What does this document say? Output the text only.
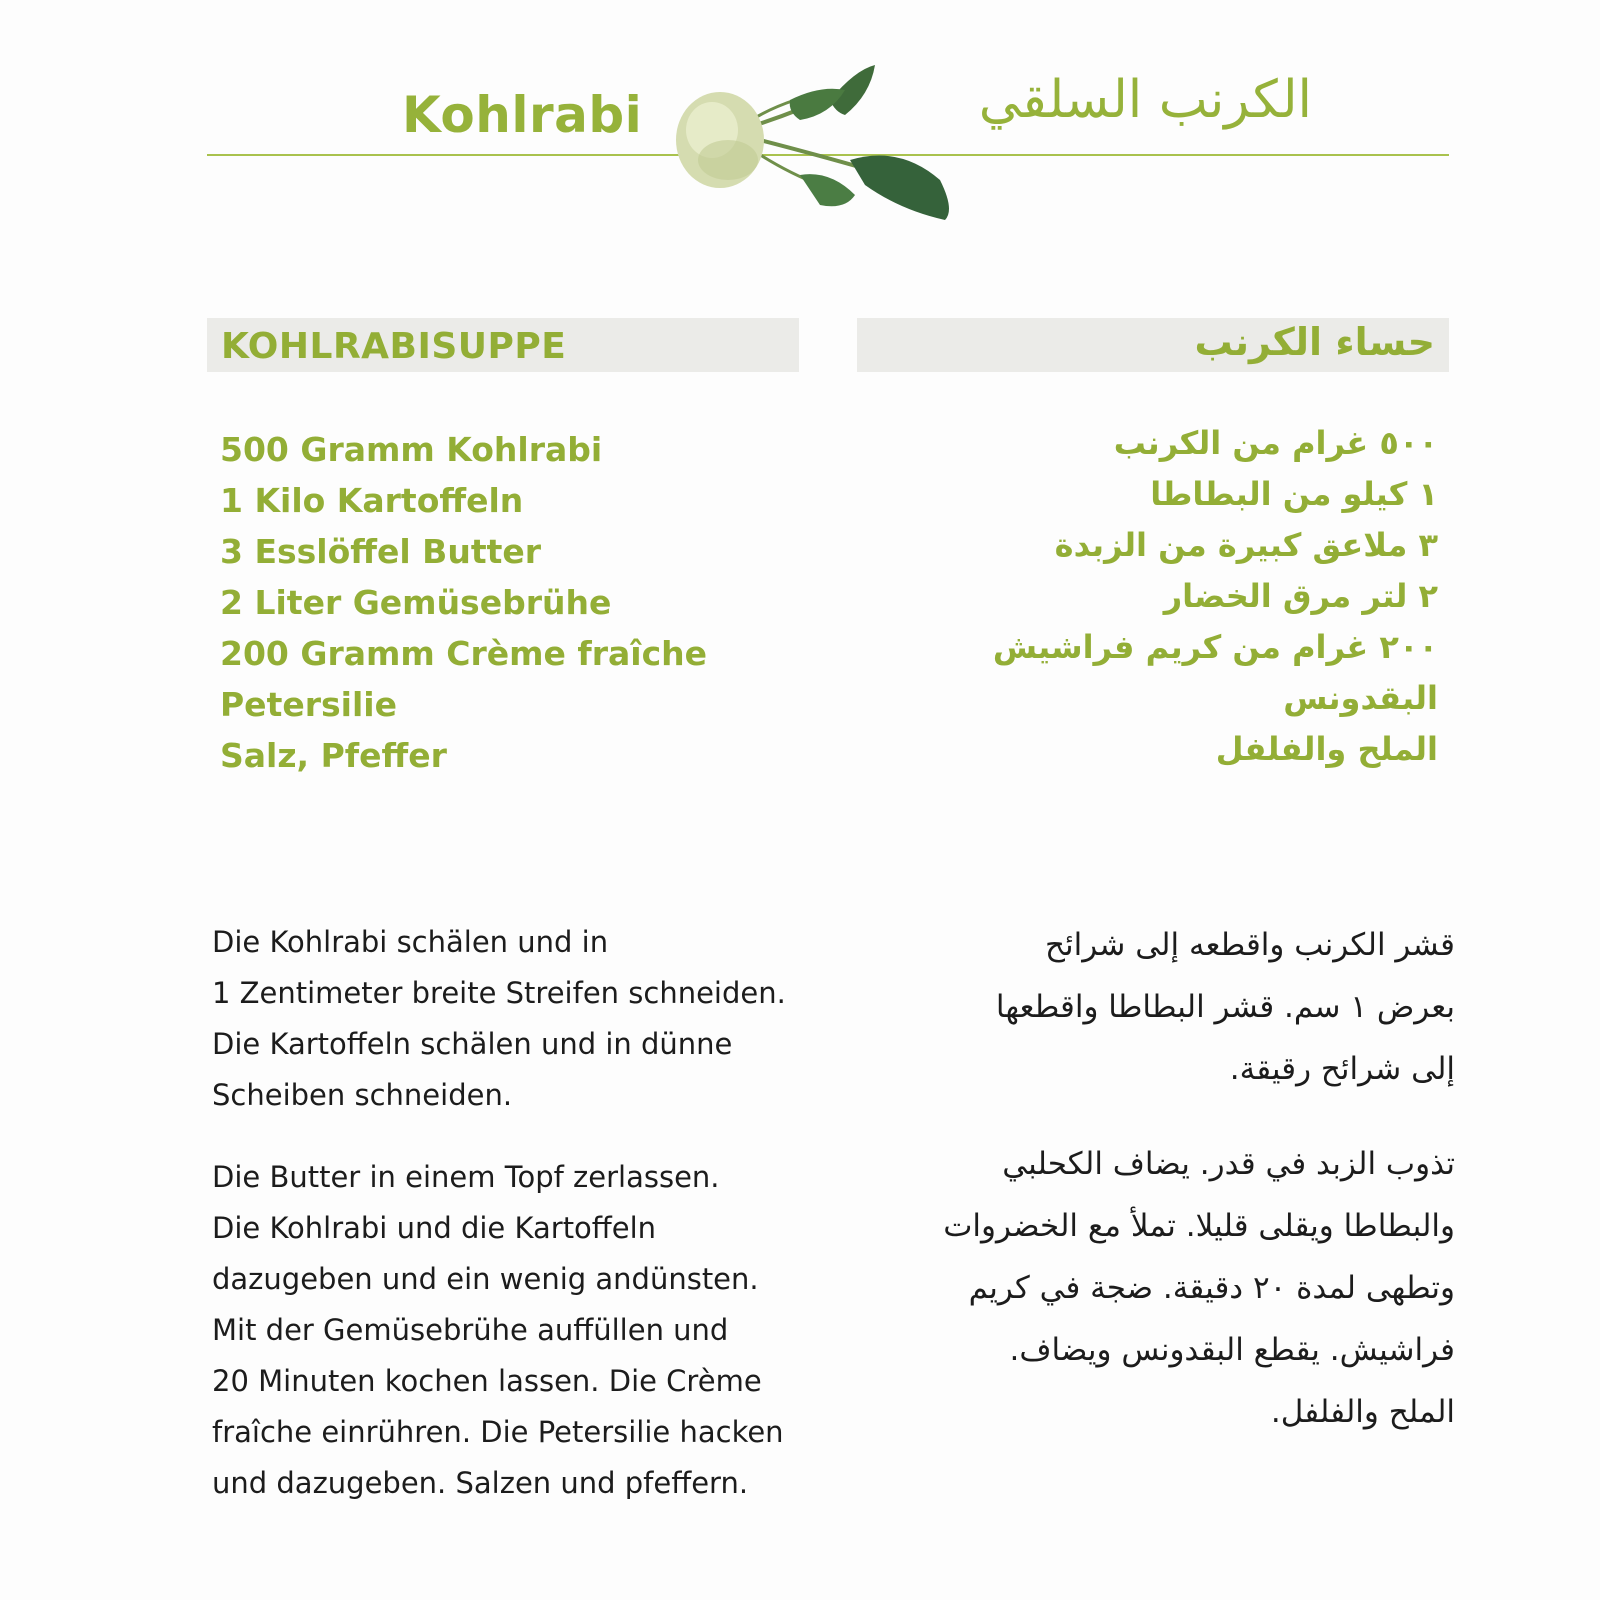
Kohlrabi	الكرنب السلقي
KOHLRABISUPPE	حساء الكرنب
500 Gramm Kohlrabi
1 Kilo Kartoffeln
3 Esslöffel Butter
2 Liter Gemüsebrühe
200 Gramm Crème fraîche
Petersilie
Salz, Pfeffer
٥٠٠ غرام من الكرنب
١ كيلو من البطاطا
٣ ملاعق كبيرة من الزبدة
٢ لتر مرق الخضار
٢٠٠ غرام من كريم فراشيش
البقدونس
الملح والفلفل

Die Kohlrabi schälen und in
1 Zentimeter breite Streifen schneiden.
Die Kartoffeln schälen und in dünne
Scheiben schneiden.

Die Butter in einem Topf zerlassen.
Die Kohlrabi und die Kartoffeln
dazugeben und ein wenig andünsten.
Mit der Gemüsebrühe auffüllen und
20 Minuten kochen lassen. Die Crème
fraîche einrühren. Die Petersilie hacken
und dazugeben. Salzen und pfeffern.

قشر الكرنب واقطعه إلى شرائح
بعرض ١ سم. قشر البطاطا واقطعها
إلى شرائح رقيقة.

تذوب الزبد في قدر. يضاف الكحلبي
والبطاطا ويقلى قليلا. تملأ مع الخضروات
وتطهى لمدة ٢٠ دقيقة. ضجة في كريم
فراشيش. يقطع البقدونس ويضاف.
الملح والفلفل.
